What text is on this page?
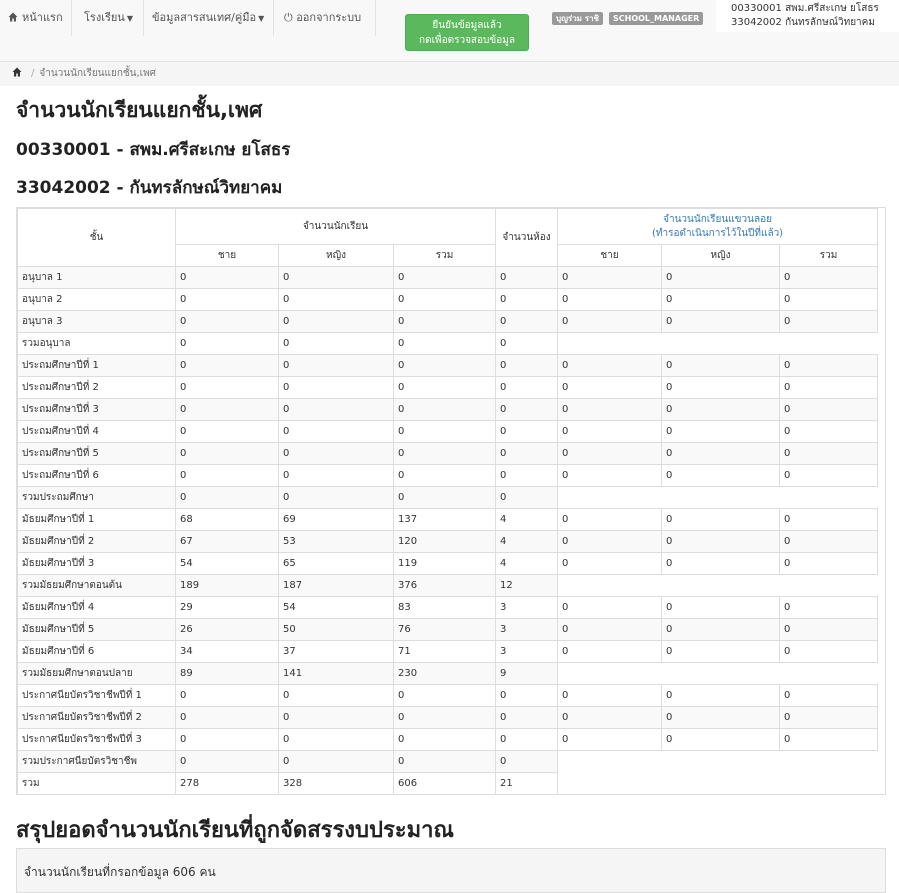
หน้าแรก	โรงเรียน ▼	ข้อมูลสารสนเทศ/คู่มือ ▼	⏻ ออกจากระบบ
ยืนยันข้อมูลแล้ว
กดเพื่อตรวจสอบข้อมูล
บุญร่วม ราชิ	SCHOOL_MANAGER
00330001 สพม.ศรีสะเกษ ยโสธร
33042002 กันทรลักษณ์วิทยาคม
/ จำนวนนักเรียนแยกชั้น,เพศ
จำนวนนักเรียนแยกชั้น,เพศ
00330001 - สพม.ศรีสะเกษ ยโสธร
33042002 - กันทรลักษณ์วิทยาคม
ชั้น	จำนวนนักเรียน			จำนวนห้อง	จำนวนนักเรียนแขวนลอย
(ทำรอดำเนินการไว้ในปีที่แล้ว)		

	ชาย	หญิง	รวม		ชาย	หญิง	รวม
อนุบาล 1	0	0	0	0	0	0	0
อนุบาล 2	0	0	0	0	0	0	0
อนุบาล 3	0	0	0	0	0	0	0
รวมอนุบาล	0	0	0	0			
ประถมศึกษาปีที่ 1	0	0	0	0	0	0	0
ประถมศึกษาปีที่ 2	0	0	0	0	0	0	0
ประถมศึกษาปีที่ 3	0	0	0	0	0	0	0
ประถมศึกษาปีที่ 4	0	0	0	0	0	0	0
ประถมศึกษาปีที่ 5	0	0	0	0	0	0	0
ประถมศึกษาปีที่ 6	0	0	0	0	0	0	0
รวมประถมศึกษา	0	0	0	0			
มัธยมศึกษาปีที่ 1	68	69	137	4	0	0	0
มัธยมศึกษาปีที่ 2	67	53	120	4	0	0	0
มัธยมศึกษาปีที่ 3	54	65	119	4	0	0	0
รวมมัธยมศึกษาตอนต้น	189	187	376	12			
มัธยมศึกษาปีที่ 4	29	54	83	3	0	0	0
มัธยมศึกษาปีที่ 5	26	50	76	3	0	0	0
มัธยมศึกษาปีที่ 6	34	37	71	3	0	0	0
รวมมัธยมศึกษาตอนปลาย	89	141	230	9			
ประกาศนียบัตรวิชาชีพปีที่ 1	0	0	0	0	0	0	0
ประกาศนียบัตรวิชาชีพปีที่ 2	0	0	0	0	0	0	0
ประกาศนียบัตรวิชาชีพปีที่ 3	0	0	0	0	0	0	0
รวมประกาศนียบัตรวิชาชีพ	0	0	0	0			
รวม	278	328	606	21			
สรุปยอดจำนวนนักเรียนที่ถูกจัดสรรงบประมาณ
จำนวนนักเรียนที่กรอกข้อมูล 606 คน
